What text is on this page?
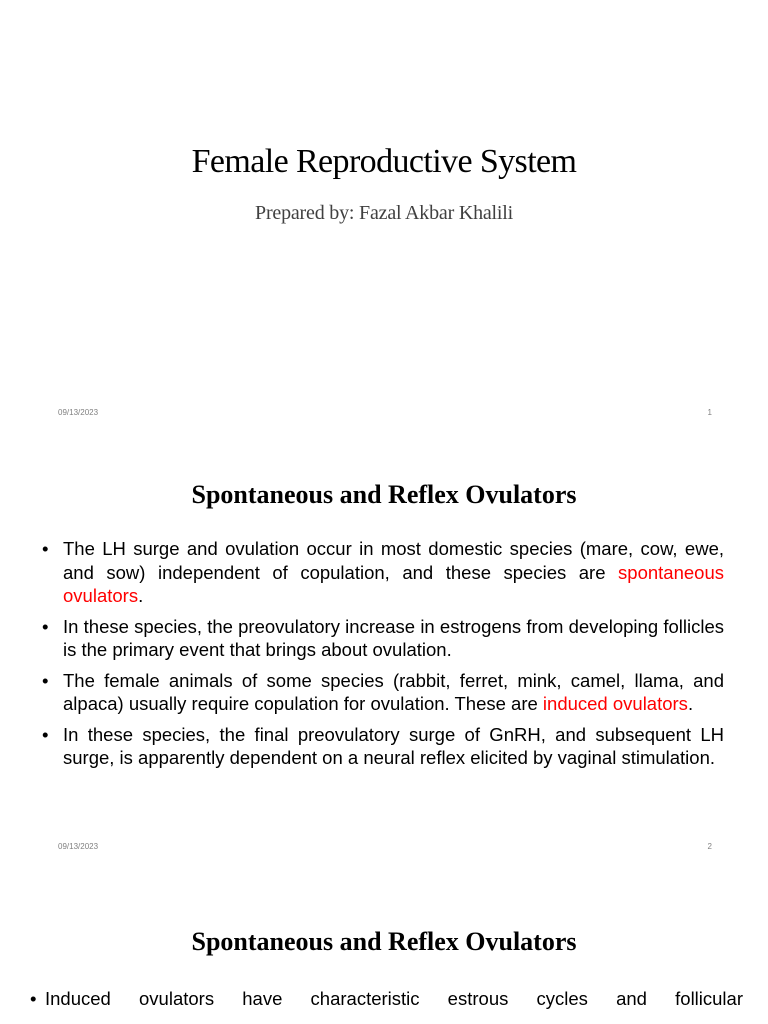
Female Reproductive System
Prepared by: Fazal Akbar Khalili
09/13/2023	1
Spontaneous and Reflex Ovulators
• The LH surge and ovulation occur in most domestic species (mare, cow, ewe, and sow) independent of copulation, and these species are spontaneous ovulators.
• In these species, the preovulatory increase in estrogens from developing follicles is the primary event that brings about ovulation.
• The female animals of some species (rabbit, ferret, mink, camel, llama, and alpaca) usually require copulation for ovulation. These are induced ovulators.
• In these species, the final preovulatory surge of GnRH, and subsequent LH surge, is apparently dependent on a neural reflex elicited by vaginal stimulation.
09/13/2023	2
Spontaneous and Reflex Ovulators
• Induced ovulators have characteristic estrous cycles and follicular
